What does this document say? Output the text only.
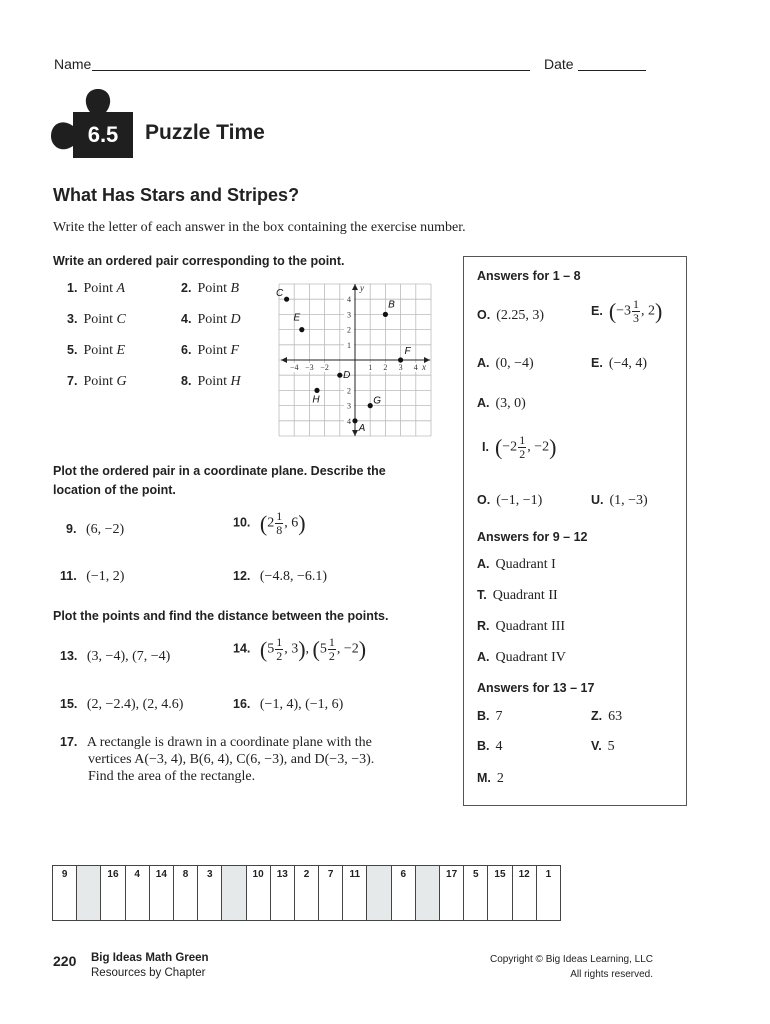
Name	Date
6.5	Puzzle Time
What Has Stars and Stripes?
Write the letter of each answer in the box containing the exercise number.
Write an ordered pair corresponding to the point.
1. Point A	2. Point B
3. Point C	4. Point D
5. Point E	6. Point F
7. Point G	8. Point H
−4 −3 −2	1 2 3 4
4
3
2
1
2
3
4
x
y
C
B
E
F
D
H	G
A
Plot the ordered pair in a coordinate plane. Describe the
location of the point.
9. (6, −2)	10. ($2 \frac{1}{8}$ , 6)
11. (−1, 2)	12. (−4.8, −6.1)
Plot the points and find the distance between the points.
13. (3, −4), (7, −4)
14. ($5 \frac{1}{2}$ , 3), ($5 \frac{1}{2}$ , −2)
15. (2, −2.4), (2, 4.6)	16. (−1, 4), (−1, 6)
17. A rectangle is drawn in a coordinate plane with the
vertices A(−3, 4), B(6, 4), C(6, −3), and D(−3, −3).
Find the area of the rectangle.
Answers for 1 – 8
O. (2.25, 3)	E. ($-3 \frac{1}{3}$ , 2)
A. (0, −4)	E. (−4, 4)
A. (3, 0)
I. ($-2 \frac{1}{2}$ , −2)
O. (−1, −1)	U. (1, −3)
Answers for 9 – 12
A. Quadrant I
T. Quadrant II
R. Quadrant III
A. Quadrant IV
Answers for 13 – 17
B. 7	Z. 63
B. 4	V. 5
M. 2
9		16	4	14	8	3		10	13	2	7	11		6		17	5	15	12	1
220 Big Ideas Math Green
Resources by Chapter
Copyright © Big Ideas Learning, LLC
All rights reserved.
